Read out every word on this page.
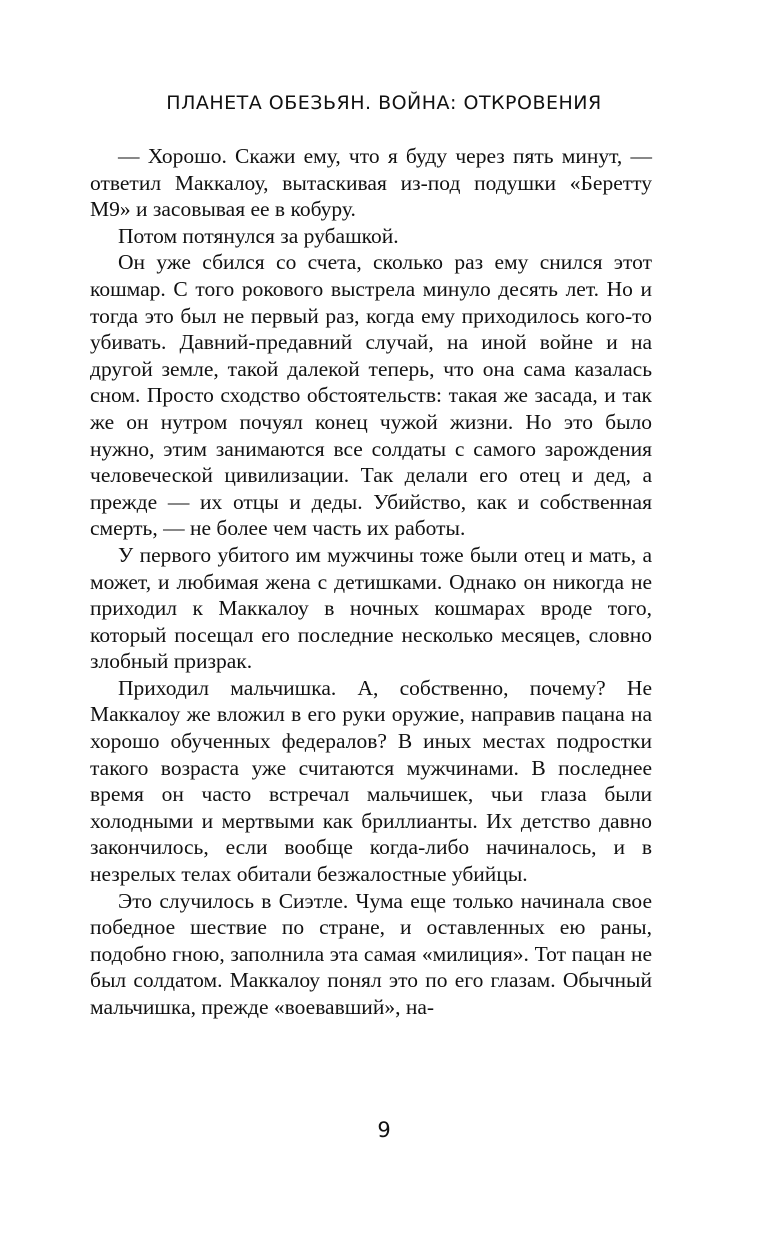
ПЛАНЕТА ОБЕЗЬЯН. ВОЙНА: ОТКРОВЕНИЯ

— Хорошо. Скажи ему, что я буду через пять минут, — ответил Маккалоу, вытаскивая из-под подушки «Беретту М9» и засовывая ее в кобуру.

Потом потянулся за рубашкой.

Он уже сбился со счета, сколько раз ему снился этот кошмар. С того рокового выстрела минуло десять лет. Но и тогда это был не первый раз, когда ему приходилось кого-то убивать. Давний-предавний случай, на иной войне и на другой земле, такой далекой теперь, что она сама казалась сном. Просто сходство обстоятельств: такая же засада, и так же он нутром почуял конец чужой жизни. Но это было нужно, этим занимаются все солдаты с самого зарождения человеческой цивилизации. Так делали его отец и дед, а прежде — их отцы и деды. Убийство, как и собственная смерть, — не более чем часть их работы.

У первого убитого им мужчины тоже были отец и мать, а может, и любимая жена с детишками. Однако он никогда не приходил к Маккалоу в ночных кошмарах вроде того, который посещал его последние несколько месяцев, словно злобный призрак.

Приходил мальчишка. А, собственно, почему? Не Маккалоу же вложил в его руки оружие, направив пацана на хорошо обученных федералов? В иных местах подростки такого возраста уже считаются мужчинами. В последнее время он часто встречал мальчишек, чьи глаза были холодными и мертвыми как бриллианты. Их детство давно закончилось, если вообще когда-либо начиналось, и в незрелых телах обитали безжалостные убийцы.

Это случилось в Сиэтле. Чума еще только начинала свое победное шествие по стране, и оставленных ею раны, подобно гною, заполнила эта самая «милиция». Тот пацан не был солдатом. Маккалоу понял это по его глазам. Обычный мальчишка, прежде «воевавший», на-

9
